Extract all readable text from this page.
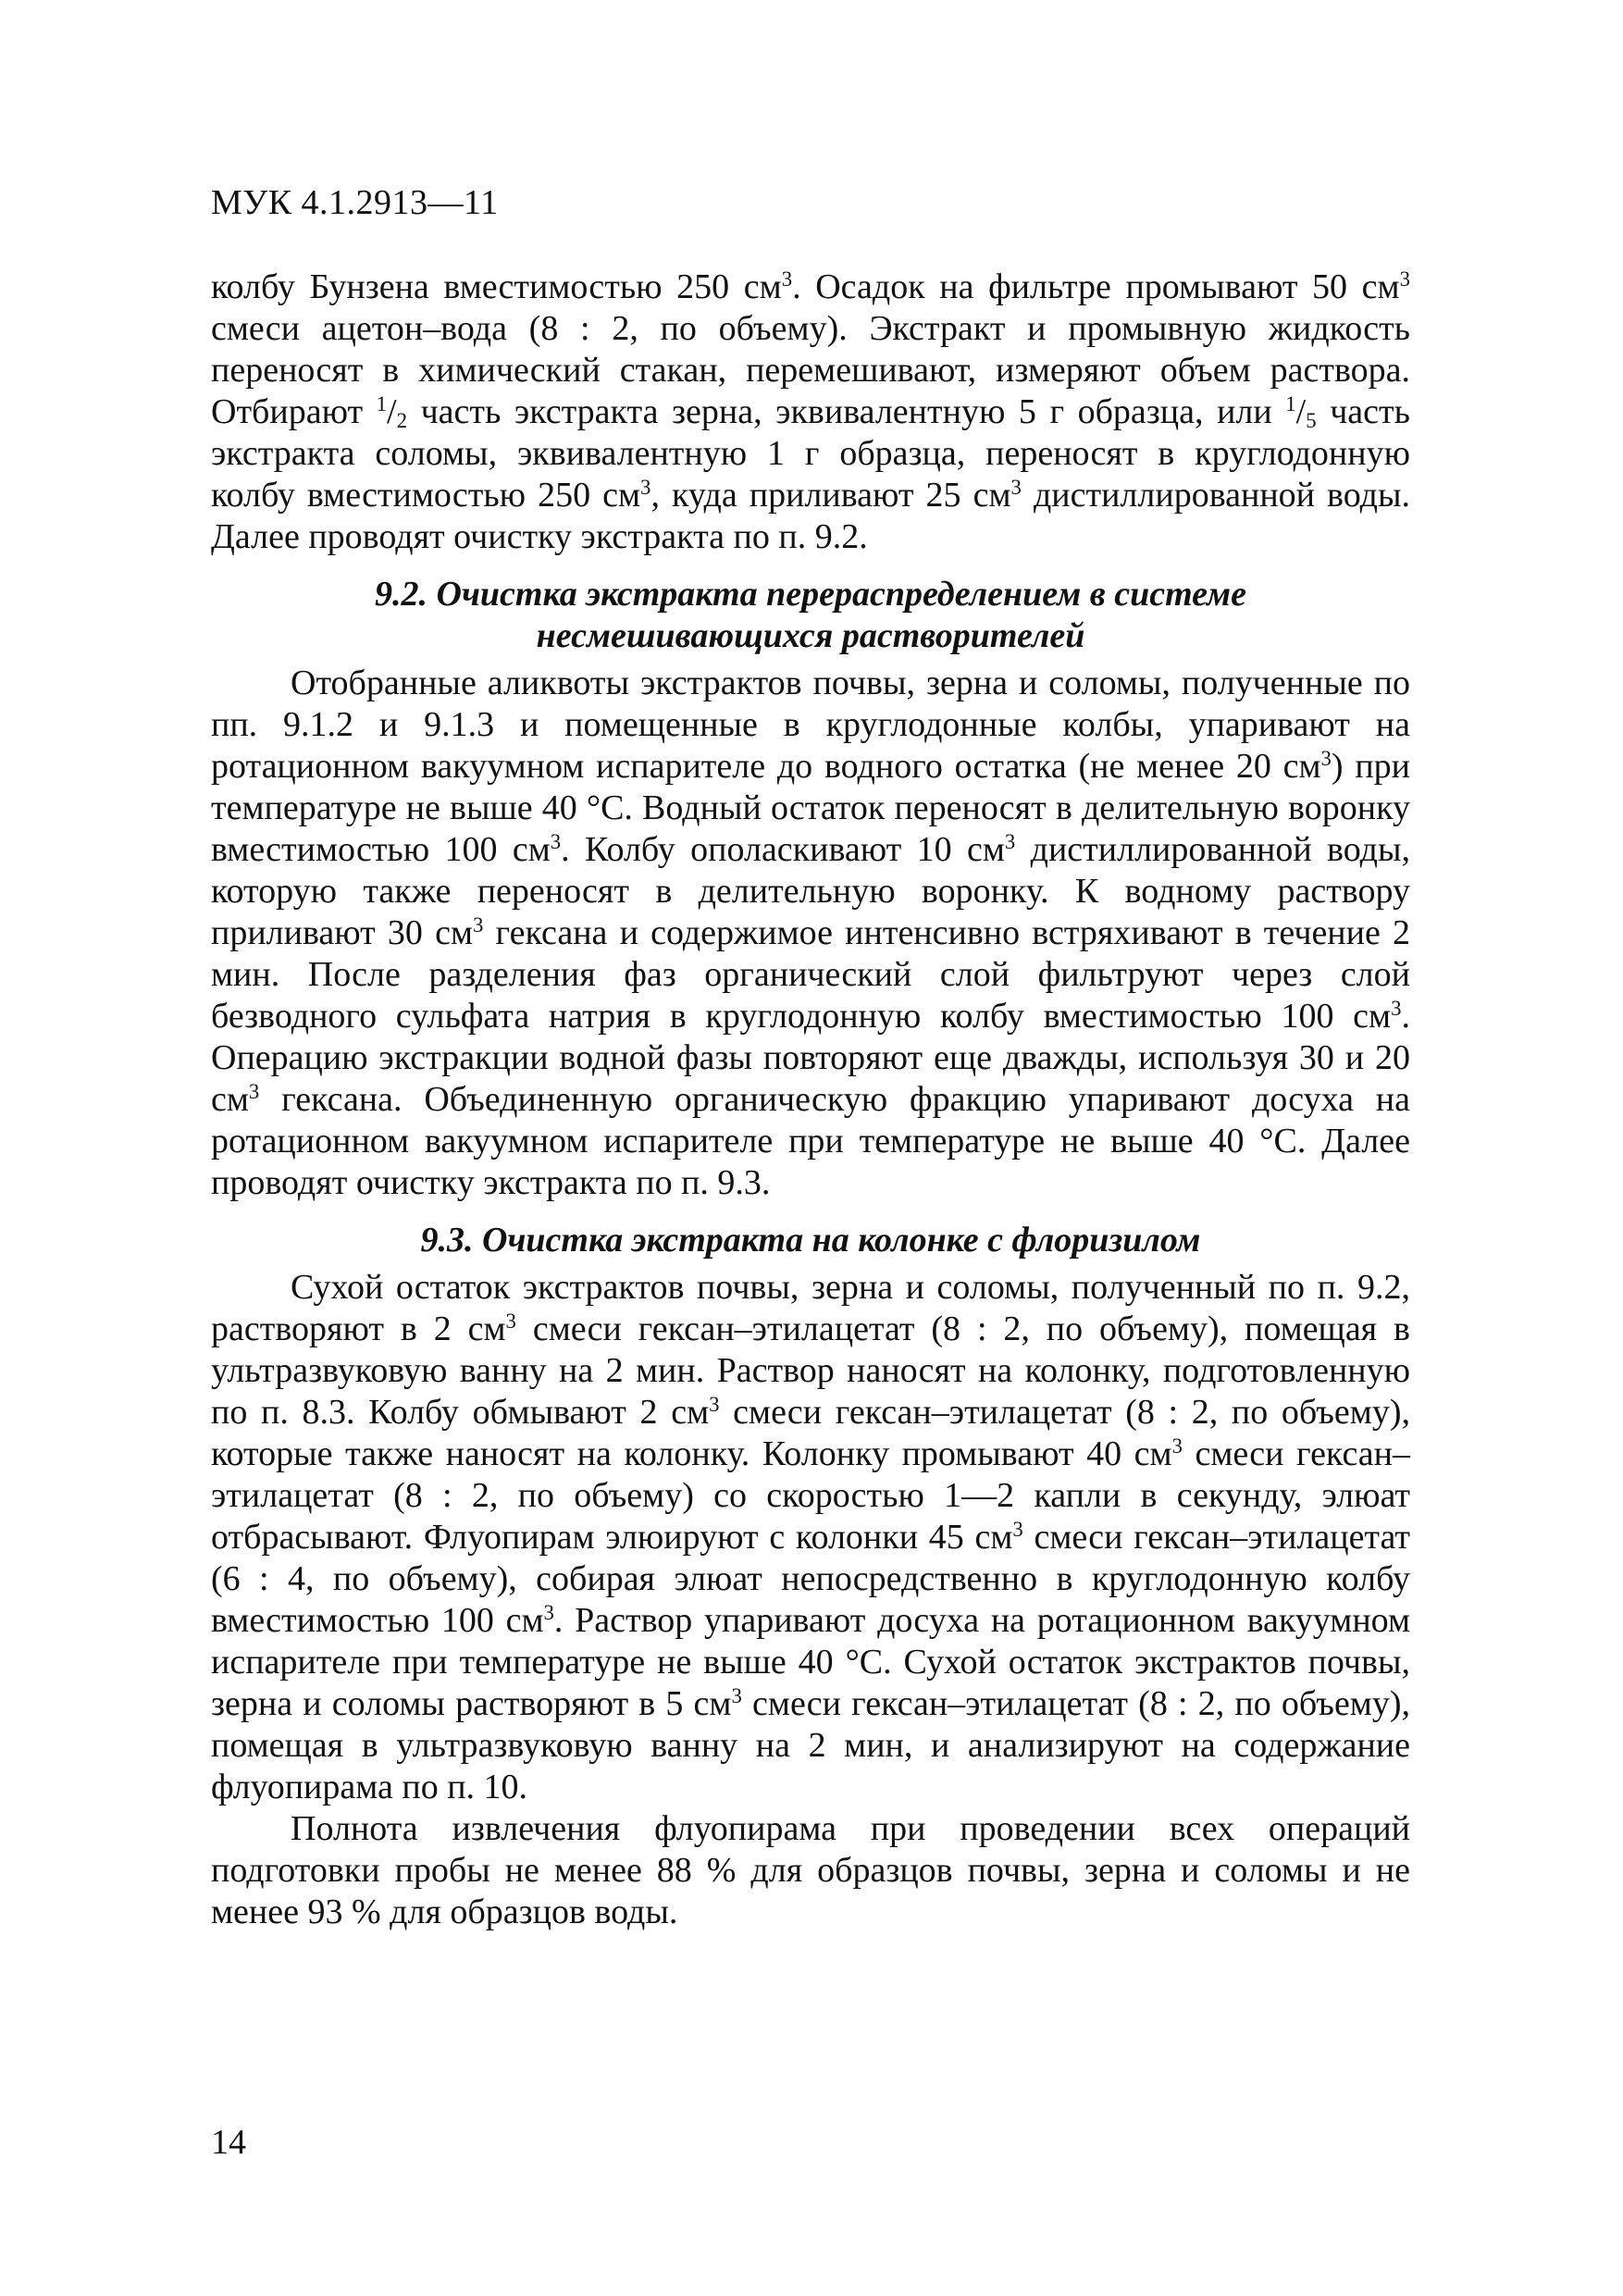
МУК 4.1.2913—11

колбу Бунзена вместимостью 250 $см^3$. Осадок на фильтре промывают 50 $см^3$ смеси ацетон–вода (8 : 2, по объему). Экстракт и промывную жидкость переносят в химический стакан, перемешивают, измеряют объем раствора. Отбирают $^1/_2$ часть экстракта зерна, эквивалентную 5 г образца, или $^1/_5$ часть экстракта соломы, эквивалентную 1 г образца, переносят в круглодонную колбу вместимостью 250 $см^3$, куда приливают 25 $см^3$ дистиллированной воды. Далее проводят очистку экстракта по п. 9.2.

9.2. Очистка экстракта перераспределением в системе
несмешивающихся растворителей

Отобранные аликвоты экстрактов почвы, зерна и соломы, полученные по пп. 9.1.2 и 9.1.3 и помещенные в круглодонные колбы, упаривают на ротационном вакуумном испарителе до водного остатка (не менее 20 $см^3$) при температуре не выше 40 °С. Водный остаток переносят в делительную воронку вместимостью 100 $см^3$. Колбу ополаскивают 10 $см^3$ дистиллированной воды, которую также переносят в делительную воронку. К водному раствору приливают 30 $см^3$ гексана и содержимое интенсивно встряхивают в течение 2 мин. После разделения фаз органический слой фильтруют через слой безводного сульфата натрия в круглодонную колбу вместимостью 100 $см^3$. Операцию экстракции водной фазы повторяют еще дважды, используя 30 и 20 $см^3$ гексана. Объединенную органическую фракцию упаривают досуха на ротационном вакуумном испарителе при температуре не выше 40 °С. Далее проводят очистку экстракта по п. 9.3.

9.3. Очистка экстракта на колонке с флоризилом

Сухой остаток экстрактов почвы, зерна и соломы, полученный по п. 9.2, растворяют в 2 $см^3$ смеси гексан–этилацетат (8 : 2, по объему), помещая в ультразвуковую ванну на 2 мин. Раствор наносят на колонку, подготовленную по п. 8.3. Колбу обмывают 2 $см^3$ смеси гексан–этилацетат (8 : 2, по объему), которые также наносят на колонку. Колонку промывают 40 $см^3$ смеси гексан–этилацетат (8 : 2, по объему) со скоростью 1—2 капли в секунду, элюат отбрасывают. Флуопирам элюируют с колонки 45 $см^3$ смеси гексан–этилацетат (6 : 4, по объему), собирая элюат непосредственно в круглодонную колбу вместимостью 100 $см^3$. Раствор упаривают досуха на ротационном вакуумном испарителе при температуре не выше 40 °С. Сухой остаток экстрактов почвы, зерна и соломы растворяют в 5 $см^3$ смеси гексан–этилацетат (8 : 2, по объему), помещая в ультразвуковую ванну на 2 мин, и анализируют на содержание флуопирама по п. 10.

Полнота извлечения флуопирама при проведении всех операций подготовки пробы не менее 88 % для образцов почвы, зерна и соломы и не менее 93 % для образцов воды.

14
